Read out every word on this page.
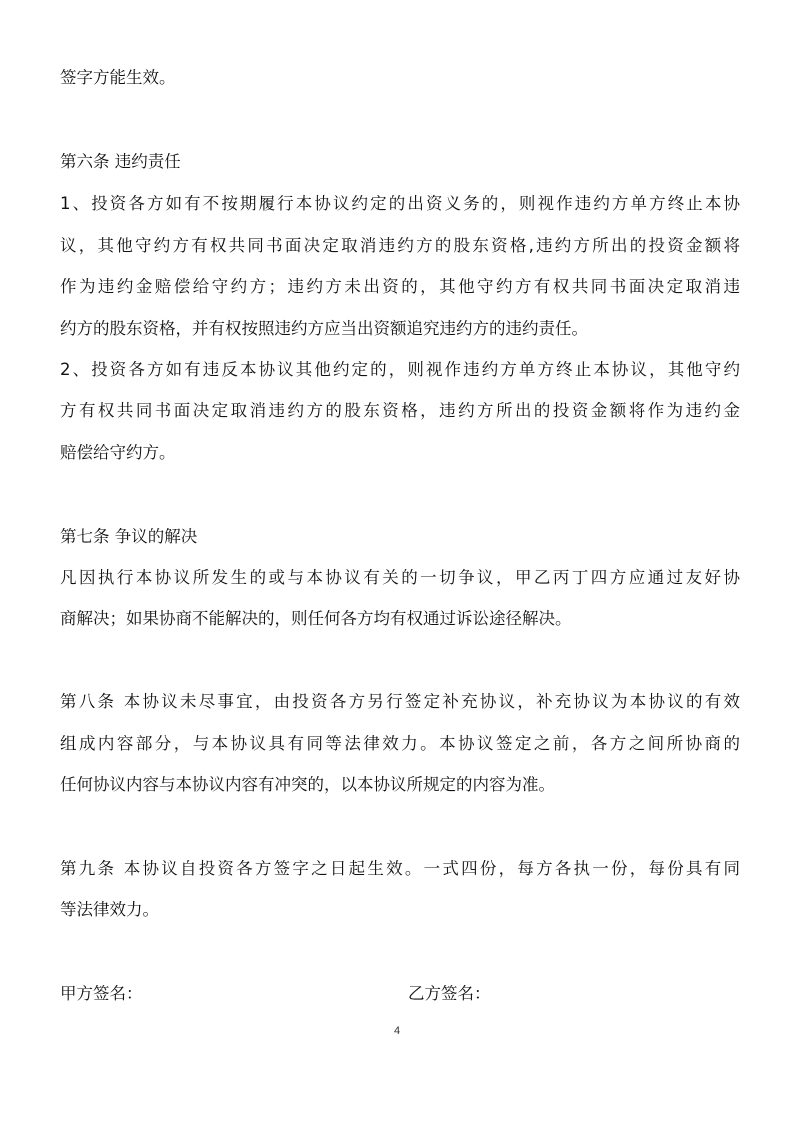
签字方能生效。
第六条 违约责任
1、投资各方如有不按期履行本协议约定的出资义务的，则视作违约方单方终止本协
议，其他守约方有权共同书面决定取消违约方的股东资格,违约方所出的投资金额将
作为违约金赔偿给守约方；违约方未出资的，其他守约方有权共同书面决定取消违
约方的股东资格，并有权按照违约方应当出资额追究违约方的违约责任。
2、投资各方如有违反本协议其他约定的，则视作违约方单方终止本协议，其他守约
方有权共同书面决定取消违约方的股东资格，违约方所出的投资金额将作为违约金
赔偿给守约方。
第七条 争议的解决
凡因执行本协议所发生的或与本协议有关的一切争议，甲乙丙丁四方应通过友好协
商解决；如果协商不能解决的，则任何各方均有权通过诉讼途径解决。
第八条 本协议未尽事宜，由投资各方另行签定补充协议，补充协议为本协议的有效
组成内容部分，与本协议具有同等法律效力。本协议签定之前，各方之间所协商的
任何协议内容与本协议内容有冲突的，以本协议所规定的内容为准。
第九条 本协议自投资各方签字之日起生效。一式四份，每方各执一份，每份具有同
等法律效力。
甲方签名：	乙方签名：
4
